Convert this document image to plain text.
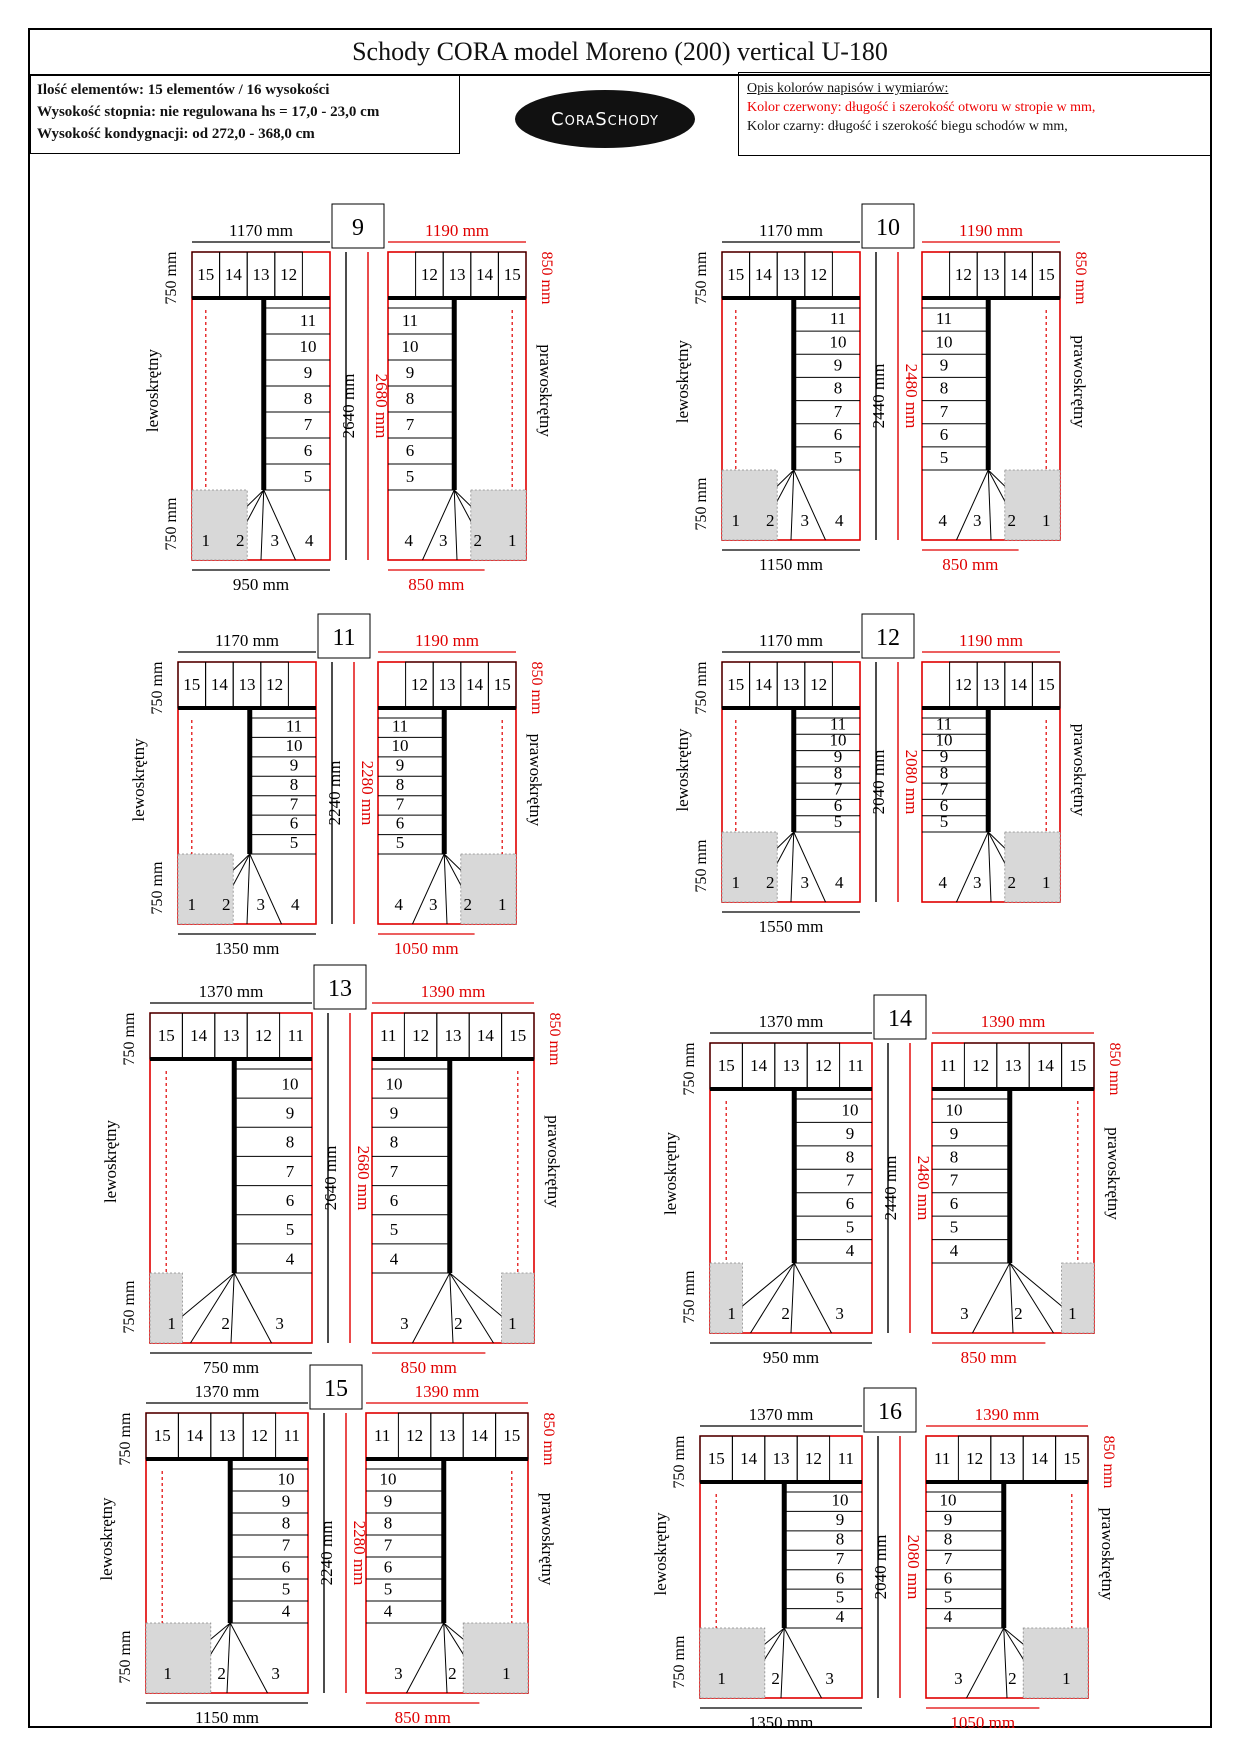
Schody CORA model Moreno (200) vertical U-180
Ilość elementów: 15 elementów / 16 wysokości
Wysokość stopnia: nie regulowana hs = 17,0 - 23,0 cm
Wysokość kondygnacji: od 272,0 - 368,0 cm
CoraSchody
Opis kolorów napisów i wymiarów:
Kolor czerwony: długość i szerokość otworu w stropie w mm,
Kolor czarny: długość i szerokość biegu schodów w mm,
15 14 13 12
11
10
9
8
7
6
5
4
3
2
1
15
14
13
12
11
10
9
8
7
6
5
4 3 2 1
9
1170 mm	1190 mm
2640 mm 2680 mm
750 mm
750 mm
850 mm
950 mm	850 mm
lewoskrętny	prawoskrętny
15 14 13 12
11
10
9
8
7
6
5
4
3
2
1
15
14
13
12
11
10
9
8
7
6
5
4 3 2 1
10
1170 mm	1190 mm
2440 mm 2480 mm
750 mm
750 mm
850 mm
1150 mm	850 mm
lewoskrętny	prawoskrętny
15 14 13 12
11
10
9
8
7
6
5
4
3
2
1
15
14
13
12
11
10
9
8
7
6
5
4 3 2 1
11
1170 mm	1190 mm
2240 mm 2280 mm
750 mm
750 mm
850 mm
1350 mm	1050 mm
lewoskrętny	prawoskrętny
15 14 13 12
11
10
9
8
7
6
5
4
3
2
1
15
14
13
12
11
10
9
8
7
6
5
4 3 2 1
12
1170 mm	1190 mm
2040 mm 2080 mm
750 mm
750 mm
1550 mm
lewoskrętny	prawoskrętny
15 14 13 12 11
10
9
8
7
6
5
4
3
2
1
15
14
13
12
11
10
9
8
7
6
5
4
3	2	1
13
1370 mm	1390 mm
2640 mm 2680 mm
750 mm
750 mm
850 mm
750 mm	850 mm
lewoskrętny	prawoskrętny
15 14 13 12 11
10
9
8
7
6
5
4
3
2
1
15
14
13
12
11
10
9
8
7
6
5
4
3	2	1
14
1370 mm	1390 mm
2440 mm 2480 mm
750 mm
750 mm
850 mm
950 mm	850 mm
lewoskrętny	prawoskrętny
15 14 13 12 11
10
9
8
7
6
5
4
3
2
1
15
14
13
12
11
10
9
8
7
6
5
4
3	2	1
15
1370 mm	1390 mm
2240 mm 2280 mm
750 mm
750 mm
850 mm
1150 mm	850 mm
lewoskrętny	prawoskrętny
15 14 13 12 11
10
9
8
7
6
5
4
3
2
1
15
14
13
12
11
10
9
8
7
6
5
4
3	2	1
16
1370 mm	1390 mm
2040 mm 2080 mm
750 mm
750 mm
850 mm
1350 mm	1050 mm
lewoskrętny	prawoskrętny
